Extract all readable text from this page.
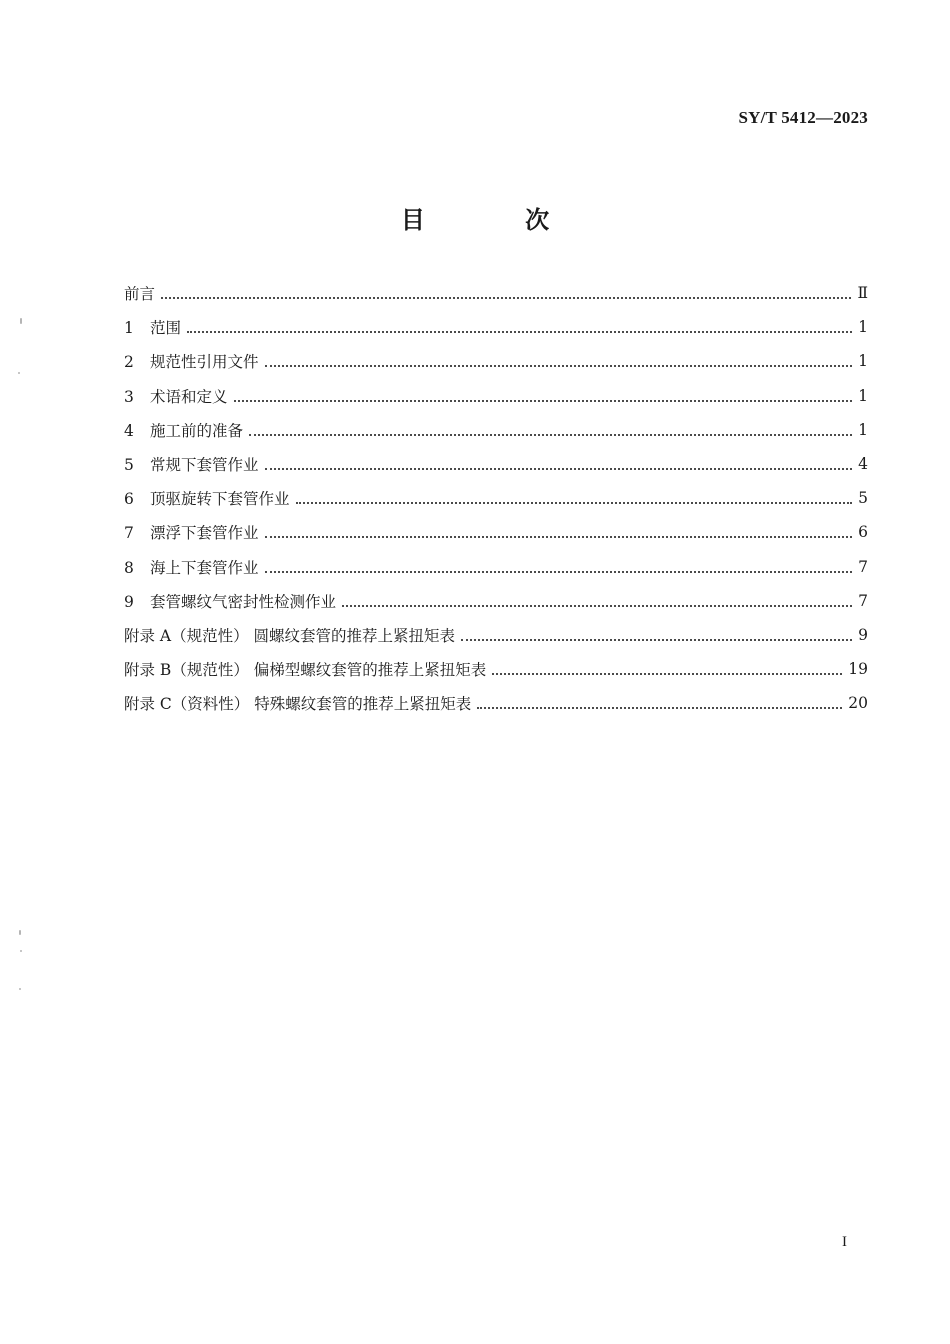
SY/T 5412—2023
目 次
前言	Ⅱ
1 范围	1
2 规范性引用文件	1
3 术语和定义	1
4 施工前的准备	1
5 常规下套管作业	4
6 顶驱旋转下套管作业	5
7 漂浮下套管作业	6
8 海上下套管作业	7
9 套管螺纹气密封性检测作业	7
附录 A（规范性） 圆螺纹套管的推荐上紧扭矩表	9
附录 B（规范性） 偏梯型螺纹套管的推荐上紧扭矩表	19
附录 C（资料性） 特殊螺纹套管的推荐上紧扭矩表	20
I
